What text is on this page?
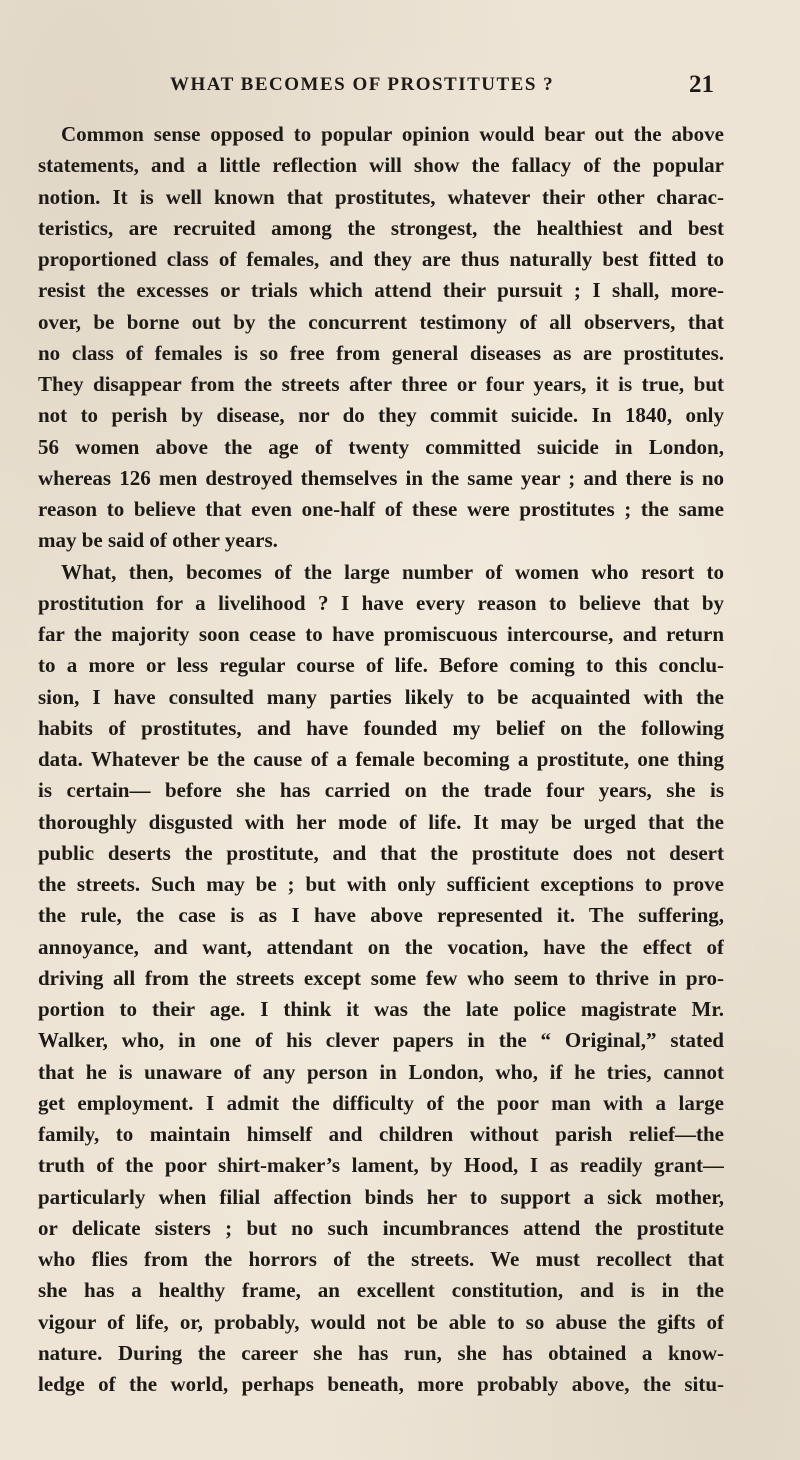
WHAT BECOMES OF PROSTITUTES ?	21
Common sense opposed to popular opinion would bear out the above
statements, and a little reflection will show the fallacy of the popular
notion. It is well known that prostitutes, whatever their other charac-
teristics, are recruited among the strongest, the healthiest and best
proportioned class of females, and they are thus naturally best fitted to
resist the excesses or trials which attend their pursuit ; I shall, more-
over, be borne out by the concurrent testimony of all observers, that
no class of females is so free from general diseases as are prostitutes.
They disappear from the streets after three or four years, it is true, but
not to perish by disease, nor do they commit suicide. In 1840, only
56 women above the age of twenty committed suicide in London,
whereas 126 men destroyed themselves in the same year ; and there is no
reason to believe that even one-half of these were prostitutes ; the same
may be said of other years.
What, then, becomes of the large number of women who resort to
prostitution for a livelihood ? I have every reason to believe that by
far the majority soon cease to have promiscuous intercourse, and return
to a more or less regular course of life. Before coming to this conclu-
sion, I have consulted many parties likely to be acquainted with the
habits of prostitutes, and have founded my belief on the following
data. Whatever be the cause of a female becoming a prostitute, one thing
is certain— before she has carried on the trade four years, she is
thoroughly disgusted with her mode of life. It may be urged that the
public deserts the prostitute, and that the prostitute does not desert
the streets. Such may be ; but with only sufficient exceptions to prove
the rule, the case is as I have above represented it. The suffering,
annoyance, and want, attendant on the vocation, have the effect of
driving all from the streets except some few who seem to thrive in pro-
portion to their age. I think it was the late police magistrate Mr.
Walker, who, in one of his clever papers in the “ Original,” stated
that he is unaware of any person in London, who, if he tries, cannot
get employment. I admit the difficulty of the poor man with a large
family, to maintain himself and children without parish relief—the
truth of the poor shirt-maker’s lament, by Hood, I as readily grant—
particularly when filial affection binds her to support a sick mother,
or delicate sisters ; but no such incumbrances attend the prostitute
who flies from the horrors of the streets. We must recollect that
she has a healthy frame, an excellent constitution, and is in the
vigour of life, or, probably, would not be able to so abuse the gifts of
nature. During the career she has run, she has obtained a know-
ledge of the world, perhaps beneath, more probably above, the situ-
